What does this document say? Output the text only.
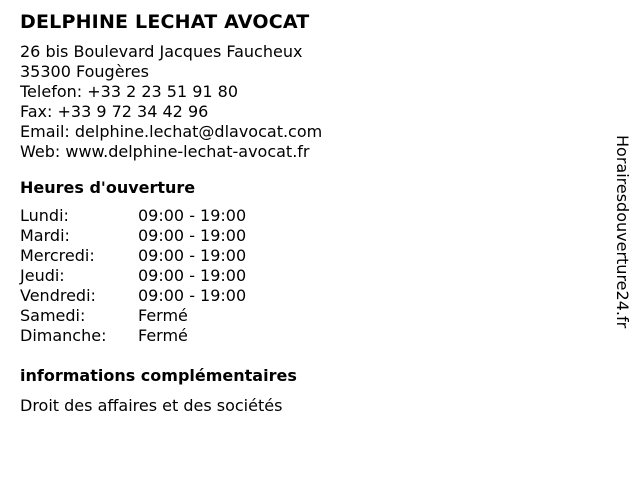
DELPHINE LECHAT AVOCAT
26 bis Boulevard Jacques Faucheux
35300 Fougères
Telefon: +33 2 23 51 91 80
Fax: +33 9 72 34 42 96
Email: delphine.lechat@dlavocat.com
Web: www.delphine-lechat-avocat.fr
Heures d'ouverture
Lundi:	09:00 - 19:00
Mardi:	09:00 - 19:00
Mercredi:	09:00 - 19:00
Jeudi:	09:00 - 19:00
Vendredi:	09:00 - 19:00
Samedi:	Fermé
Dimanche:	Fermé
informations complémentaires
Droit des affaires et des sociétés
Horairesdouverture24.fr
